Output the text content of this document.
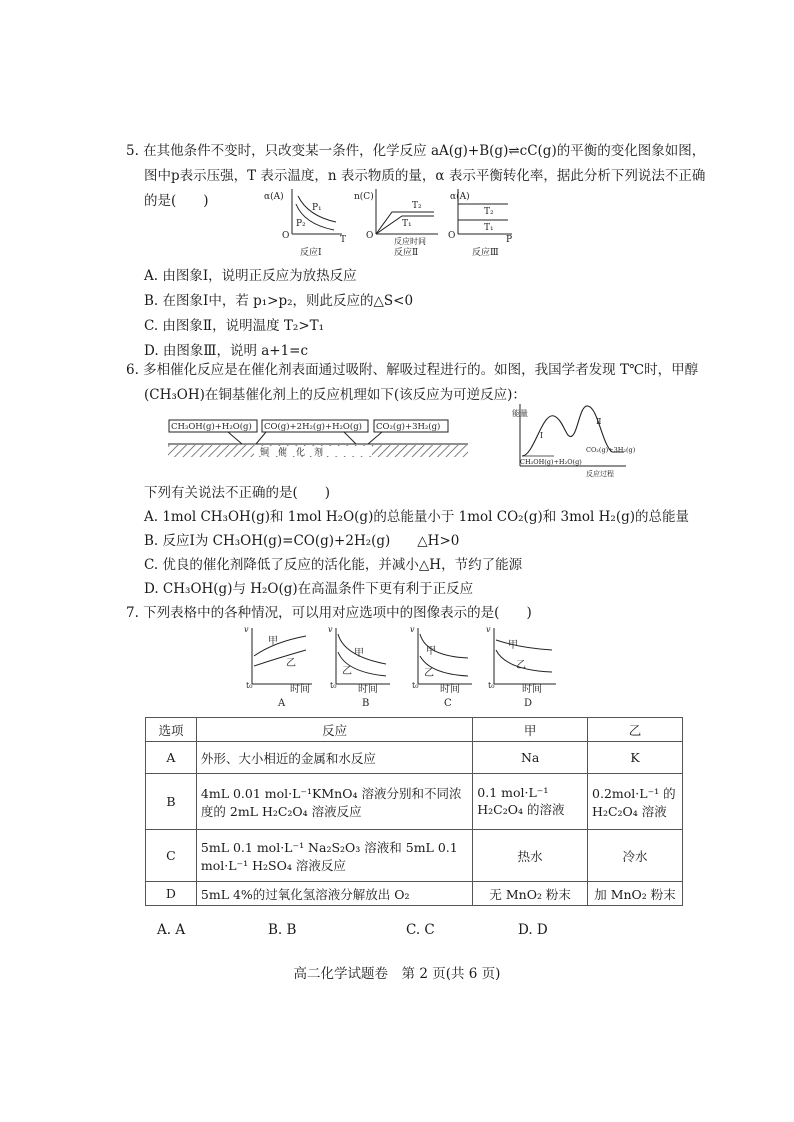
5. 在其他条件不变时，只改变某一条件，化学反应 aA(g)+B(g)⇌cC(g)的平衡的变化图象如图，
图中p表示压强，T 表示温度，n 表示物质的量，α 表示平衡转化率，据此分析下列说法不正确
的是(　　)	α(A)
O	T
P₁
P₂
反应Ⅰ
n(C)
O
反应时间
T₂
T₁
反应Ⅱ
α(A)
O	P
T₂
T₁
反应Ⅲ
A. 由图象Ⅰ，说明正反应为放热反应
B. 在图象Ⅰ中，若 p₁>p₂，则此反应的△S<0
C. 由图象Ⅱ，说明温度 T₂>T₁
D. 由图象Ⅲ，说明 a+1=c
6. 多相催化反应是在催化剂表面通过吸附、解吸过程进行的。如图，我国学者发现 T℃时，甲醇
(CH₃OH)在铜基催化剂上的反应机理如下(该反应为可逆反应)：
CH₃OH(g)+H₂O(g) CO(g)+2H₂(g)+H₂O(g) CO₂(g)+3H₂(g)
铜　催　化　剂
能量
Ⅰ
Ⅱ
CH₃OH(g)+H₂O(g)
CO₂(g)+3H₂(g)
反应过程
下列有关说法不正确的是(　　)
A. 1mol CH₃OH(g)和 1mol H₂O(g)的总能量小于 1mol CO₂(g)和 3mol H₂(g)的总能量
B. 反应Ⅰ为 CH₃OH(g)=CO(g)+2H₂(g)　　△H>0
C. 优良的催化剂降低了反应的活化能，并减小△H，节约了能源
D. CH₃OH(g)与 H₂O(g)在高温条件下更有利于正反应
7. 下列表格中的各种情况，可以用对应选项中的图像表示的是(　　)
v
t₀	时间
A
甲
乙
v
t₀ 时间
B
甲
乙
v
t₀ 时间
C
甲
乙
v
t₀	时间
D
甲
乙
选项	反应	甲	乙
A	外形、大小相近的金属和水反应	Na	K
B	4mL 0.01 mol·L⁻¹KMnO₄ 溶液分别和不同浓度的 2mL H₂C₂O₄ 溶液反应	0.1 mol·L⁻¹ H₂C₂O₄ 的溶液	0.2mol·L⁻¹ 的 H₂C₂O₄ 溶液
C	5mL 0.1 mol·L⁻¹ Na₂S₂O₃ 溶液和 5mL 0.1 mol·L⁻¹ H₂SO₄ 溶液反应	热水	冷水
D	5mL 4%的过氧化氢溶液分解放出 O₂	无 MnO₂ 粉末	加 MnO₂ 粉末
A. A	B. B	C. C	D. D
高二化学试题卷　第 2 页(共 6 页)
